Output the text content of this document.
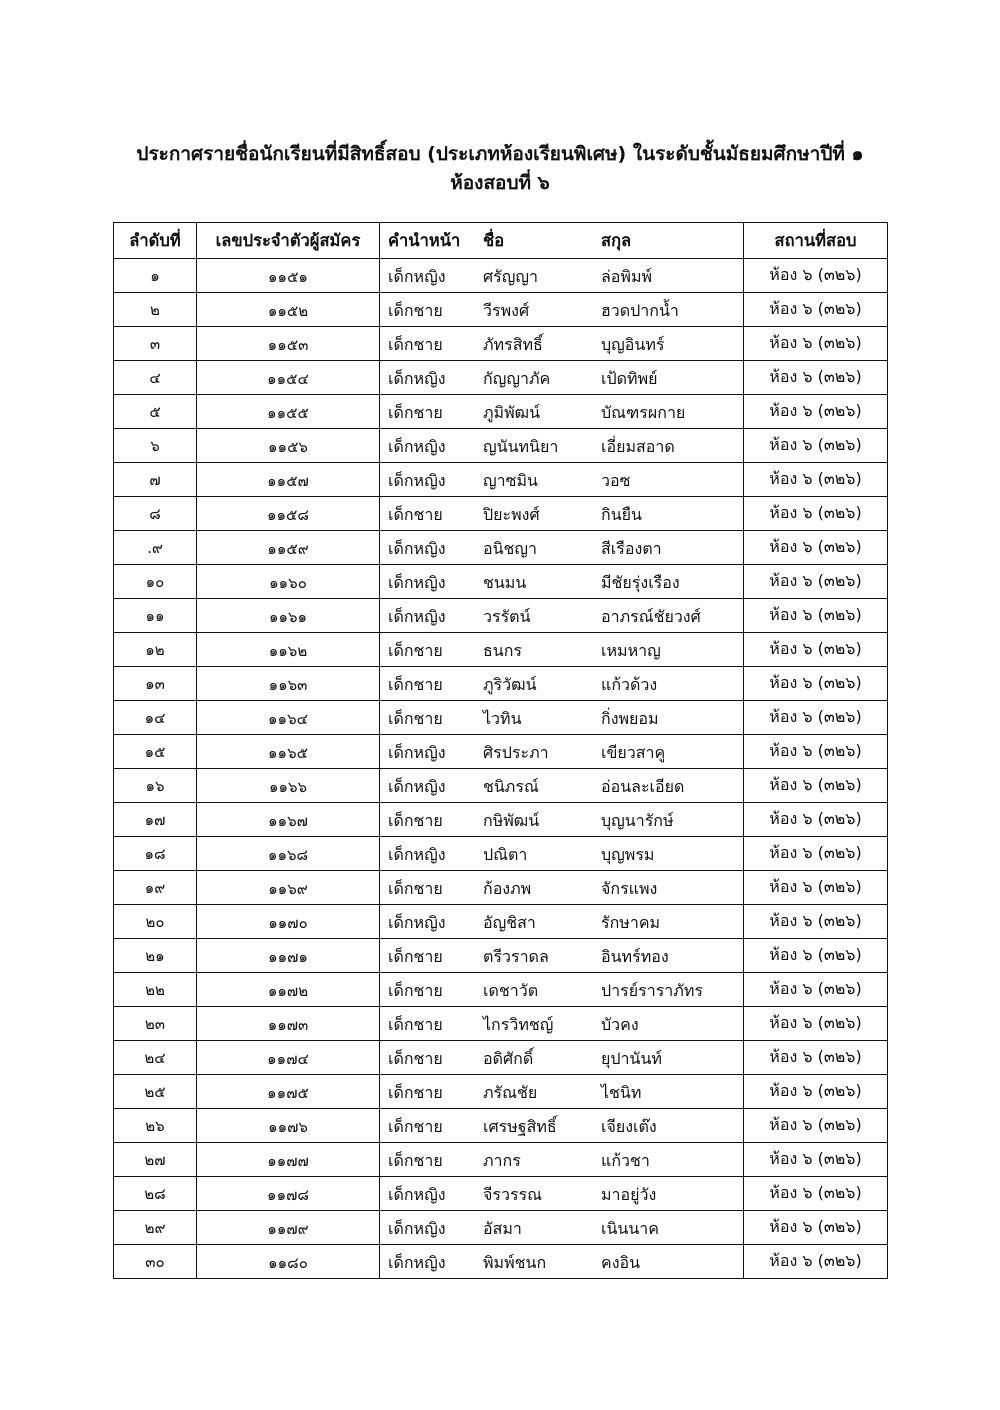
ประกาศรายชื่อนักเรียนที่มีสิทธิ์สอบ (ประเภทห้องเรียนพิเศษ) ในระดับชั้นมัธยมศึกษาปีที่ ๑
ห้องสอบที่ ๖
ลำดับที่	เลขประจำตัวผู้สมัคร	คำนำหน้า	ชื่อ	สกุล	สถานที่สอบ
๑	๑๑๕๑	เด็กหญิง	ศรัญญา	ล่อพิมพ์	ห้อง ๖ (๓๒๖)
๒	๑๑๕๒	เด็กชาย	วีรพงศ์	ฮวดปากน้ำ	ห้อง ๖ (๓๒๖)
๓	๑๑๕๓	เด็กชาย	ภัทรสิทธิ์	บุญอินทร์	ห้อง ๖ (๓๒๖)
๔	๑๑๕๔	เด็กหญิง	กัญญาภัค	เป้ดทิพย์	ห้อง ๖ (๓๒๖)
๕	๑๑๕๕	เด็กชาย	ภูมิพัฒน์	บัณฑรผกาย	ห้อง ๖ (๓๒๖)
๖	๑๑๕๖	เด็กหญิง	ญนันทนิยา	เอี่ยมสอาด	ห้อง ๖ (๓๒๖)
๗	๑๑๕๗	เด็กหญิง	ญาซมิน	วอซ	ห้อง ๖ (๓๒๖)
๘	๑๑๕๘	เด็กชาย	ปิยะพงศ์	กินยืน	ห้อง ๖ (๓๒๖)
.๙	๑๑๕๙	เด็กหญิง	อนิชญา	สีเรืองตา	ห้อง ๖ (๓๒๖)
๑๐	๑๑๖๐	เด็กหญิง	ชนมน	มีชัยรุ่งเรือง	ห้อง ๖ (๓๒๖)
๑๑	๑๑๖๑	เด็กหญิง	วรรัตน์	อาภรณ์ชัยวงศ์	ห้อง ๖ (๓๒๖)
๑๒	๑๑๖๒	เด็กชาย	ธนกร	เหมหาญ	ห้อง ๖ (๓๒๖)
๑๓	๑๑๖๓	เด็กชาย	ภูริวัฒน์	แก้วด้วง	ห้อง ๖ (๓๒๖)
๑๔	๑๑๖๔	เด็กชาย	ไวทิน	กิ่งพยอม	ห้อง ๖ (๓๒๖)
๑๕	๑๑๖๕	เด็กหญิง	ศิรประภา	เขียวสาคู	ห้อง ๖ (๓๒๖)
๑๖	๑๑๖๖	เด็กหญิง	ชนิภรณ์	อ่อนละเอียด	ห้อง ๖ (๓๒๖)
๑๗	๑๑๖๗	เด็กชาย	กษิพัฒน์	บุญนารักษ์	ห้อง ๖ (๓๒๖)
๑๘	๑๑๖๘	เด็กหญิง	ปณิตา	บุญพรม	ห้อง ๖ (๓๒๖)
๑๙	๑๑๖๙	เด็กชาย	ก้องภพ	จักรแพง	ห้อง ๖ (๓๒๖)
๒๐	๑๑๗๐	เด็กหญิง	อัญชิสา	รักษาคม	ห้อง ๖ (๓๒๖)
๒๑	๑๑๗๑	เด็กชาย	ตรีวราดล	อินทร์ทอง	ห้อง ๖ (๓๒๖)
๒๒	๑๑๗๒	เด็กชาย	เดชาวัต	ปารย์ราราภัทร	ห้อง ๖ (๓๒๖)
๒๓	๑๑๗๓	เด็กชาย	ไกรวิทชญ์	บัวคง	ห้อง ๖ (๓๒๖)
๒๔	๑๑๗๔	เด็กชาย	อดิศักดิ์	ยุปานันท์	ห้อง ๖ (๓๒๖)
๒๕	๑๑๗๕	เด็กชาย	ภรัณชัย	ไชนิท	ห้อง ๖ (๓๒๖)
๒๖	๑๑๗๖	เด็กชาย	เศรษฐสิทธิ์	เจียงเต๊ง	ห้อง ๖ (๓๒๖)
๒๗	๑๑๗๗	เด็กชาย	ภากร	แก้วชา	ห้อง ๖ (๓๒๖)
๒๘	๑๑๗๘	เด็กหญิง	จีรวรรณ	มาอยู่วัง	ห้อง ๖ (๓๒๖)
๒๙	๑๑๗๙	เด็กหญิง	อัสมา	เนินนาค	ห้อง ๖ (๓๒๖)
๓๐	๑๑๘๐	เด็กหญิง	พิมพ์ชนก	คงอิน	ห้อง ๖ (๓๒๖)
